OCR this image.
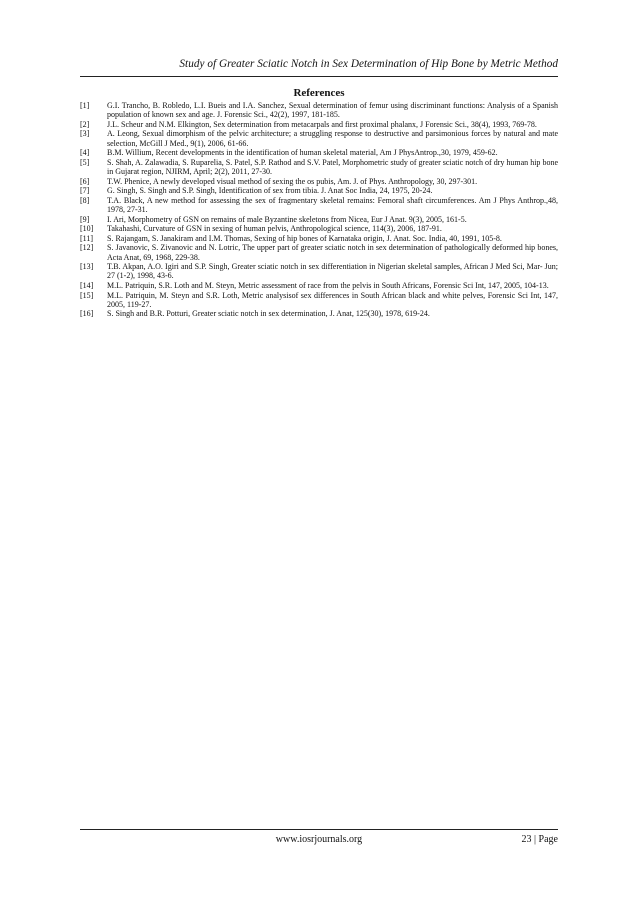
Study of Greater Sciatic Notch in Sex Determination of Hip Bone by Metric Method
References
[1]	G.I. Trancho, B. Robledo, L.I. Bueis and I.A. Sanchez, Sexual determination of femur using discriminant functions: Analysis of a Spanish population of known sex and age. J. Forensic Sci., 42(2), 1997, 181-185.
[2]	J.L. Scheur and N.M. Elkington, Sex determination from metacarpals and first proximal phalanx, J Forensic Sci., 38(4), 1993, 769-78.
[3]	A. Leong, Sexual dimorphism of the pelvic architecture; a struggling response to destructive and parsimonious forces by natural and mate selection, McGill J Med., 9(1), 2006, 61-66.
[4]	B.M. Willium, Recent developments in the identification of human skeletal material, Am J PhysAntrop.,30, 1979, 459-62.
[5]	S. Shah, A. Zalawadia, S. Ruparelia, S. Patel, S.P. Rathod and S.V. Patel, Morphometric study of greater sciatic notch of dry human hip bone in Gujarat region, NJIRM, April; 2(2), 2011, 27-30.
[6]	T.W. Phenice, A newly developed visual method of sexing the os pubis, Am. J. of Phys. Anthropology, 30, 297-301.
[7]	G. Singh, S. Singh and S.P. Singh, Identification of sex from tibia. J. Anat Soc India, 24, 1975, 20-24.
[8]	T.A. Black, A new method for assessing the sex of fragmentary skeletal remains: Femoral shaft circumferences. Am J Phys Anthrop.,48, 1978, 27-31.
[9]	I. Ari, Morphometry of GSN on remains of male Byzantine skeletons from Nicea, Eur J Anat. 9(3), 2005, 161-5.
[10]	Takahashi, Curvature of GSN in sexing of human pelvis, Anthropological science, 114(3), 2006, 187-91.
[11]	S. Rajangam, S. Janakiram and I.M. Thomas, Sexing of hip bones of Karnataka origin, J. Anat. Soc. India, 40, 1991, 105-8.
[12]	S. Javanovic, S. Zivanovic and N. Lotric, The upper part of greater sciatic notch in sex determination of pathologically deformed hip bones, Acta Anat, 69, 1968, 229-38.
[13]	T.B. Akpan, A.O. Igiri and S.P. Singh, Greater sciatic notch in sex differentiation in Nigerian skeletal samples, African J Med Sci, Mar- Jun; 27 (1-2), 1998, 43-6.
[14]	M.L. Patriquin, S.R. Loth and M. Steyn, Metric assessment of race from the pelvis in South Africans, Forensic Sci Int, 147, 2005, 104-13.
[15]	M.L. Patriquin, M. Steyn and S.R. Loth, Metric analysisof sex differences in South African black and white pelves, Forensic Sci Int, 147, 2005, 119-27.
[16]	S. Singh and B.R. Potturi, Greater sciatic notch in sex determination, J. Anat, 125(30), 1978, 619-24.
www.iosrjournals.org	23 | Page
